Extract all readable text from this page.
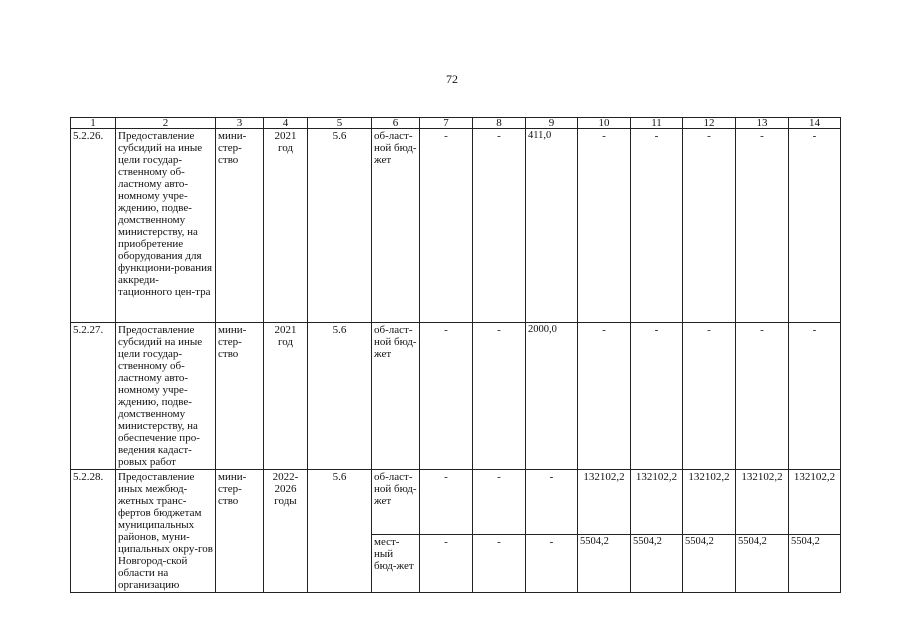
72
1	2	3	4	5	6	7	8	9	10	11	12	13	14
5.2.26.	Предоставление субсидий на иные цели государ-ственному об-ластному авто-номному учре-ждению, подве-домственному министерству, на приобретение оборудования для функциони-рования аккреди-тационного цен-тра	мини-стер-ство	2021 год	5.6	об-ласт-ной бюд-жет	-	-	411,0	-	-	-	-	-
5.2.27.	Предоставление субсидий на иные цели государ-ственному об-ластному авто-номному учре-ждению, подве-домственному министерству, на обеспечение про-ведения кадаст-ровых работ	мини-стер-ство	2021 год	5.6	об-ласт-ной бюд-жет	-	-	2000,0	-	-	-	-	-
5.2.28.	Предоставление иных межбюд-жетных транс-фертов бюджетам муниципальных районов, муни-ципальных окру-гов Новгород-ской области на организацию	мини-стер-ство	2022-2026 годы	5.6	об-ласт-ной бюд-жет	-	-	-	132102,2	132102,2	132102,2	132102,2	132102,2
					мест-ный бюд-жет	-	-	-	5504,2	5504,2	5504,2	5504,2	5504,2
